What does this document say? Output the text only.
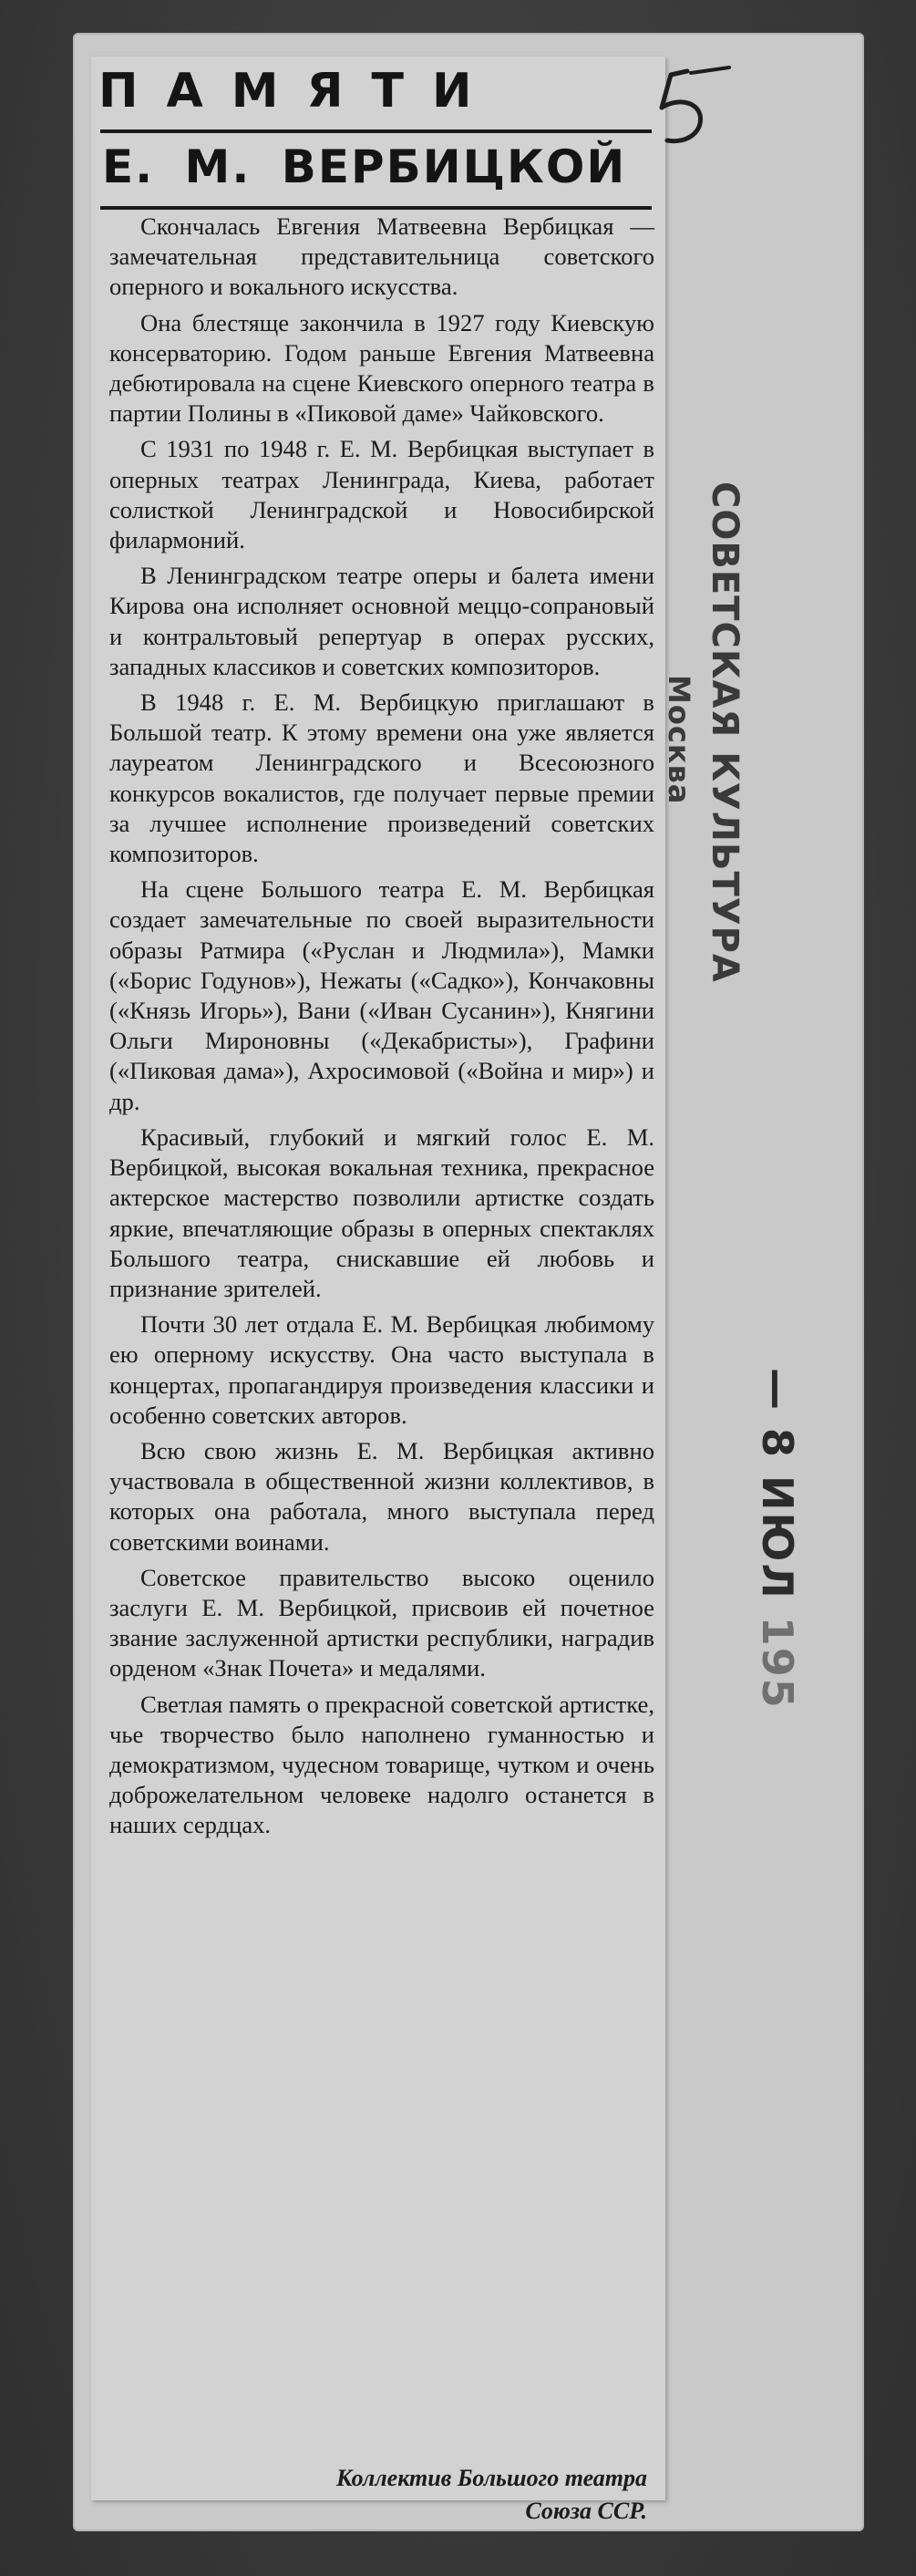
ПАМЯТИ
Е. М. ВЕРБИЦКОЙ

Скончалась Евгения Матвеевна Вербицкая — замечательная представительница советского оперного и вокального искусства.

Она блестяще закончила в 1927 году Киевскую консерваторию. Годом раньше Евгения Матвеевна дебютировала на сцене Киевского оперного театра в партии Полины в «Пиковой даме» Чайковского.

С 1931 по 1948 г. Е. М. Вербицкая выступает в оперных театрах Ленинграда, Киева, работает солисткой Ленинградской и Новосибирской филармоний.

В Ленинградском театре оперы и балета имени Кирова она исполняет основной меццо-сопрановый и контральтовый репертуар в операх русских, западных классиков и советских композиторов.

В 1948 г. Е. М. Вербицкую приглашают в Большой театр. К этому времени она уже является лауреатом Ленинградского и Всесоюзного конкурсов вокалистов, где получает первые премии за лучшее исполнение произведений советских композиторов.

На сцене Большого театра Е. М. Вербицкая создает замечательные по своей выразительности образы Ратмира («Руслан и Людмила»), Мамки («Борис Годунов»), Нежаты («Садко»), Кончаковны («Князь Игорь»), Вани («Иван Сусанин»), Княгини Ольги Мироновны («Декабристы»), Графини («Пиковая дама»), Ахросимовой («Война и мир») и др.

Красивый, глубокий и мягкий голос Е. М. Вербицкой, высокая вокальная техника, прекрасное актерское мастерство позволили артистке создать яркие, впечатляющие образы в оперных спектаклях Большого театра, снискавшие ей любовь и признание зрителей.

Почти 30 лет отдала Е. М. Вербицкая любимому ею оперному искусству. Она часто выступала в концертах, пропагандируя произведения классики и особенно советских авторов.

Всю свою жизнь Е. М. Вербицкая активно участвовала в общественной жизни коллективов, в которых она работала, много выступала перед советскими воинами.

Советское правительство высоко оценило заслуги Е. М. Вербицкой, присвоив ей почетное звание заслуженной артистки республики, наградив орденом «Знак Почета» и медалями.

Светлая память о прекрасной советской артистке, чье творчество было наполнено гуманностью и демократизмом, чудесном товарище, чутком и очень доброжелательном человеке надолго останется в наших сердцах.

Коллектив Большого театра
Союза ССР.
СОВЕТСКАЯ КУЛЬТУРА
Москва
— 8 ИЮЛ 195
